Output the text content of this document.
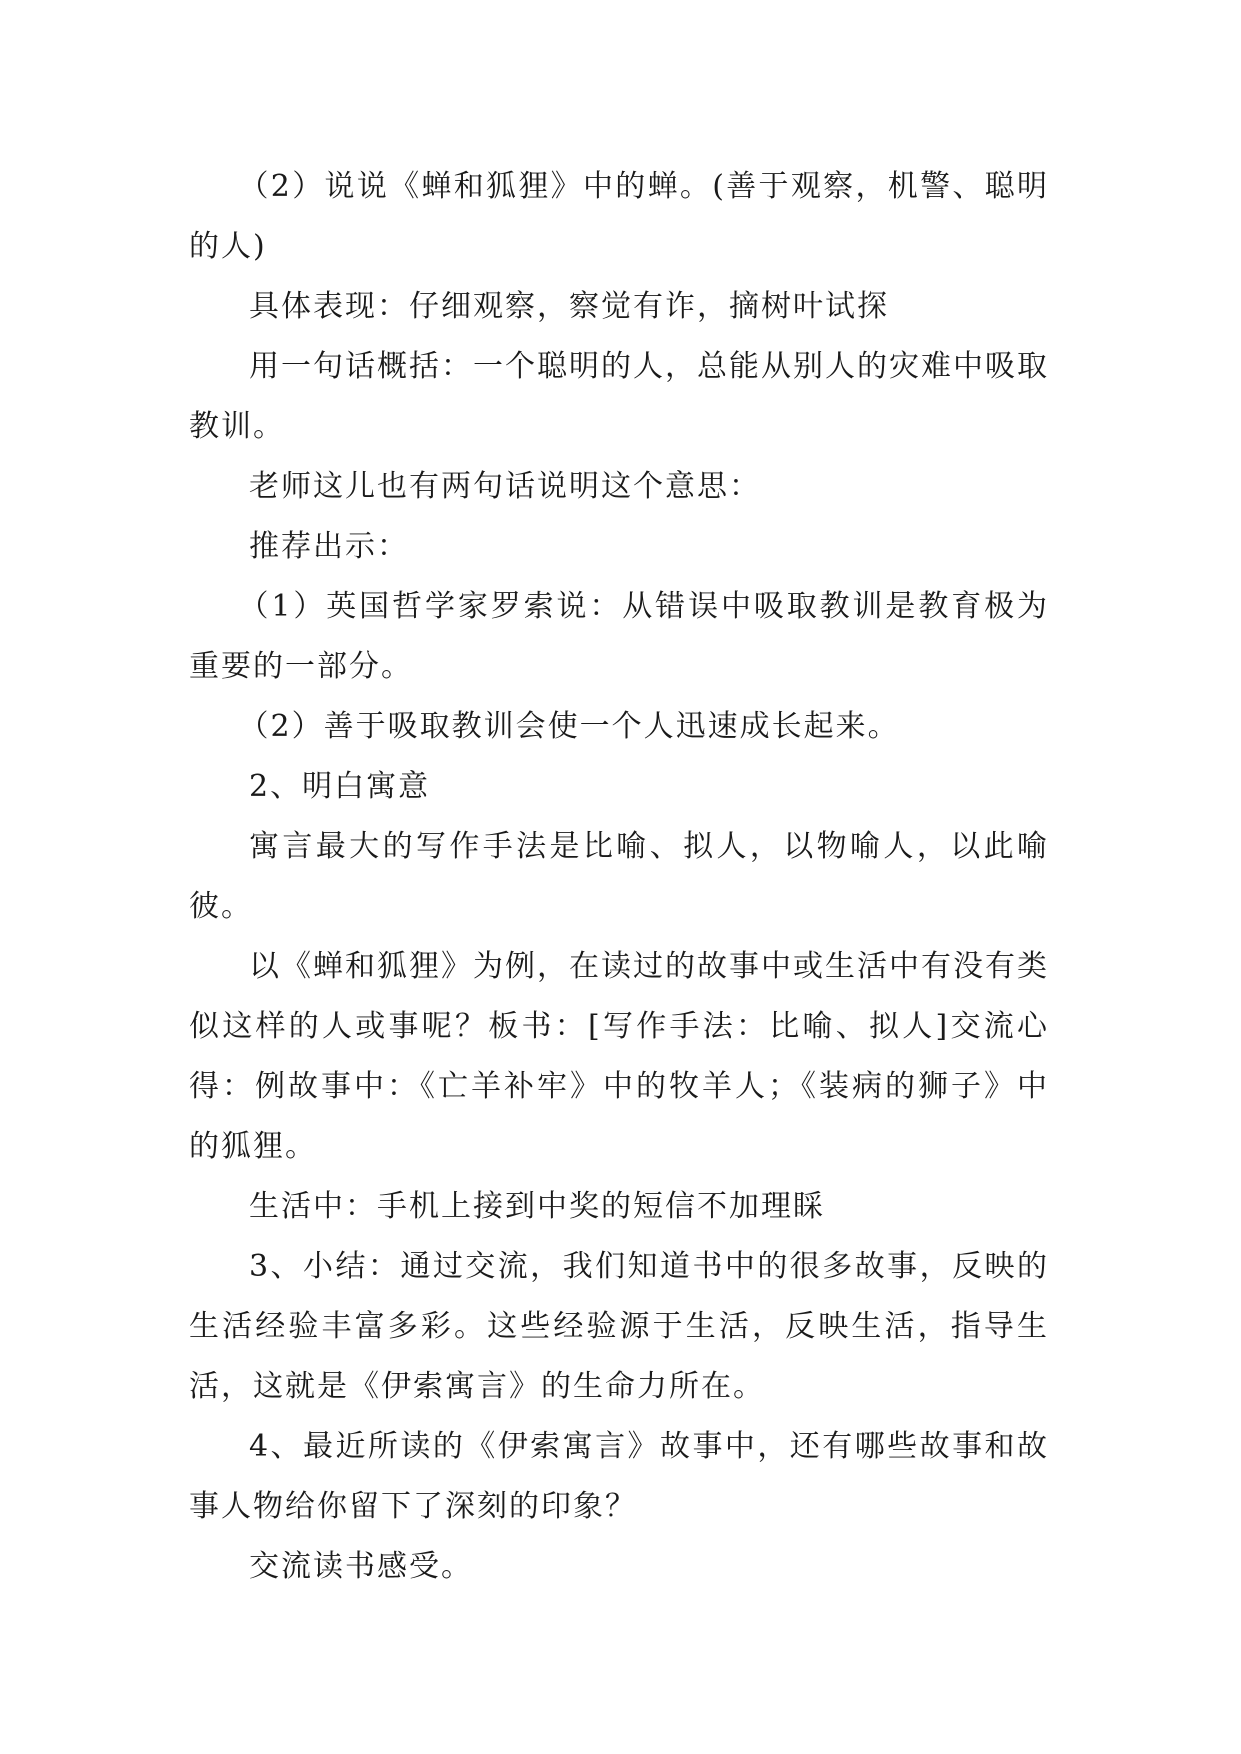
（2）说说《蝉和狐狸》中的蝉。(善于观察，机警、聪明的人)

具体表现：仔细观察，察觉有诈，摘树叶试探

用一句话概括：一个聪明的人，总能从别人的灾难中吸取教训。

老师这儿也有两句话说明这个意思：

推荐出示：

（1）英国哲学家罗索说：从错误中吸取教训是教育极为重要的一部分。

（2）善于吸取教训会使一个人迅速成长起来。

2、明白寓意

寓言最大的写作手法是比喻、拟人，以物喻人，以此喻彼。

以《蝉和狐狸》为例，在读过的故事中或生活中有没有类似这样的人或事呢？板书：[写作手法：比喻、拟人]交流心得：例故事中：《亡羊补牢》中的牧羊人；《装病的狮子》中的狐狸。

生活中：手机上接到中奖的短信不加理睬

3、小结：通过交流，我们知道书中的很多故事，反映的生活经验丰富多彩。这些经验源于生活，反映生活，指导生活，这就是《伊索寓言》的生命力所在。

4、最近所读的《伊索寓言》故事中，还有哪些故事和故事人物给你留下了深刻的印象？

交流读书感受。
